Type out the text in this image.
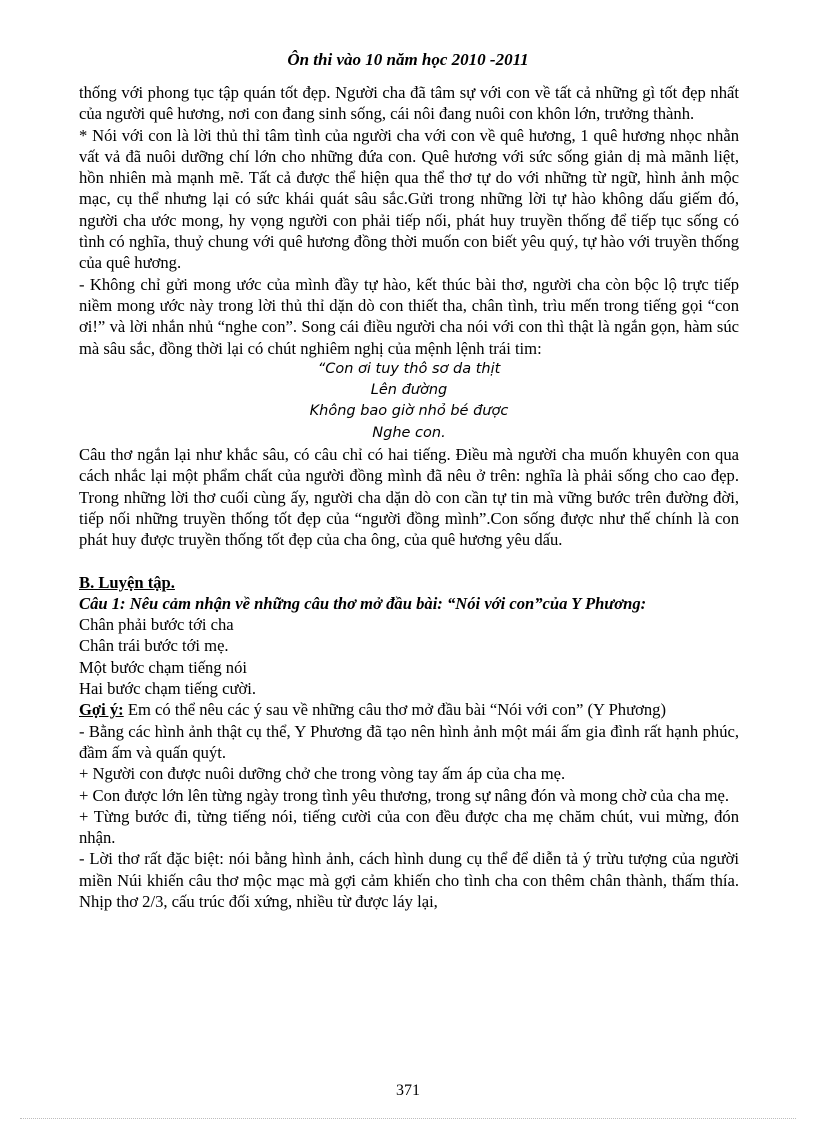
Ôn thi vào 10 năm học 2010 -2011

thống với phong tục tập quán tốt đẹp. Người cha đã tâm sự với con về tất cả những gì tốt đẹp nhất của người quê hương, nơi con đang sinh sống, cái nôi đang nuôi con khôn lớn, trưởng thành.

* Nói với con là lời thủ thỉ tâm tình của người cha với con về quê hương, 1 quê hương nhọc nhằn vất vả đã nuôi dưỡng chí lớn cho những đứa con. Quê hương với sức sống giản dị mà mãnh liệt, hồn nhiên mà mạnh mẽ. Tất cả được thể hiện qua thể thơ tự do với những từ ngữ, hình ảnh mộc mạc, cụ thể nhưng lại có sức khái quát sâu sắc.Gửi trong những lời tự hào không dấu giếm đó, người cha ước mong, hy vọng người con phải tiếp nối, phát huy truyền thống để tiếp tục sống có tình có nghĩa, thuỷ chung với quê hương đồng thời muốn con biết yêu quý, tự hào với truyền thống của quê hương.

- Không chỉ gửi mong ước của mình đầy tự hào, kết thúc bài thơ, người cha còn bộc lộ trực tiếp niềm mong ước này trong lời thủ thỉ dặn dò con thiết tha, chân tình, trìu mến trong tiếng gọi “con ơi!” và lời nhắn nhủ “nghe con”. Song cái điều người cha nói với con thì thật là ngắn gọn, hàm súc mà sâu sắc, đồng thời lại có chút nghiêm nghị của mệnh lệnh trái tim:

“Con ơi tuy thô sơ da thịt
Lên đường
Không bao giờ nhỏ bé được
Nghe con.

Câu thơ ngắn lại như khắc sâu, có câu chỉ có hai tiếng. Điều mà người cha muốn khuyên con qua cách nhắc lại một phẩm chất của người đồng mình đã nêu ở trên: nghĩa là phải sống cho cao đẹp. Trong những lời thơ cuối cùng ấy, người cha dặn dò con cần tự tin mà vững bước trên đường đời, tiếp nối những truyền thống tốt đẹp của “người đồng mình”.Con sống được như thế chính là con phát huy được truyền thống tốt đẹp của cha ông, của quê hương yêu dấu.

B. Luyện tập.
Câu 1: Nêu cảm nhận về những câu thơ mở đầu bài: “Nói với con”của Y Phương:
Chân phải bước tới cha
Chân trái bước tới mẹ.
Một bước chạm tiếng nói
Hai bước chạm tiếng cười.

Gợi ý: Em có thể nêu các ý sau về những câu thơ mở đầu bài “Nói với con” (Y Phương)

- Bằng các hình ảnh thật cụ thể, Y Phương đã tạo nên hình ảnh một mái ấm gia đình rất hạnh phúc, đầm ấm và quấn quýt.

+ Người con được nuôi dưỡng chở che trong vòng tay ấm áp của cha mẹ.

+ Con được lớn lên từng ngày trong tình yêu thương, trong sự nâng đón và mong chờ của cha mẹ.

+ Từng bước đi, từng tiếng nói, tiếng cười của con đều được cha mẹ chăm chút, vui mừng, đón nhận.

- Lời thơ rất đặc biệt: nói bằng hình ảnh, cách hình dung cụ thể để diễn tả ý trừu tượng của người miền Núi khiến câu thơ mộc mạc mà gợi cảm khiến cho tình cha con thêm chân thành, thấm thía. Nhịp thơ 2/3, cấu trúc đối xứng, nhiều từ được láy lại,

371
